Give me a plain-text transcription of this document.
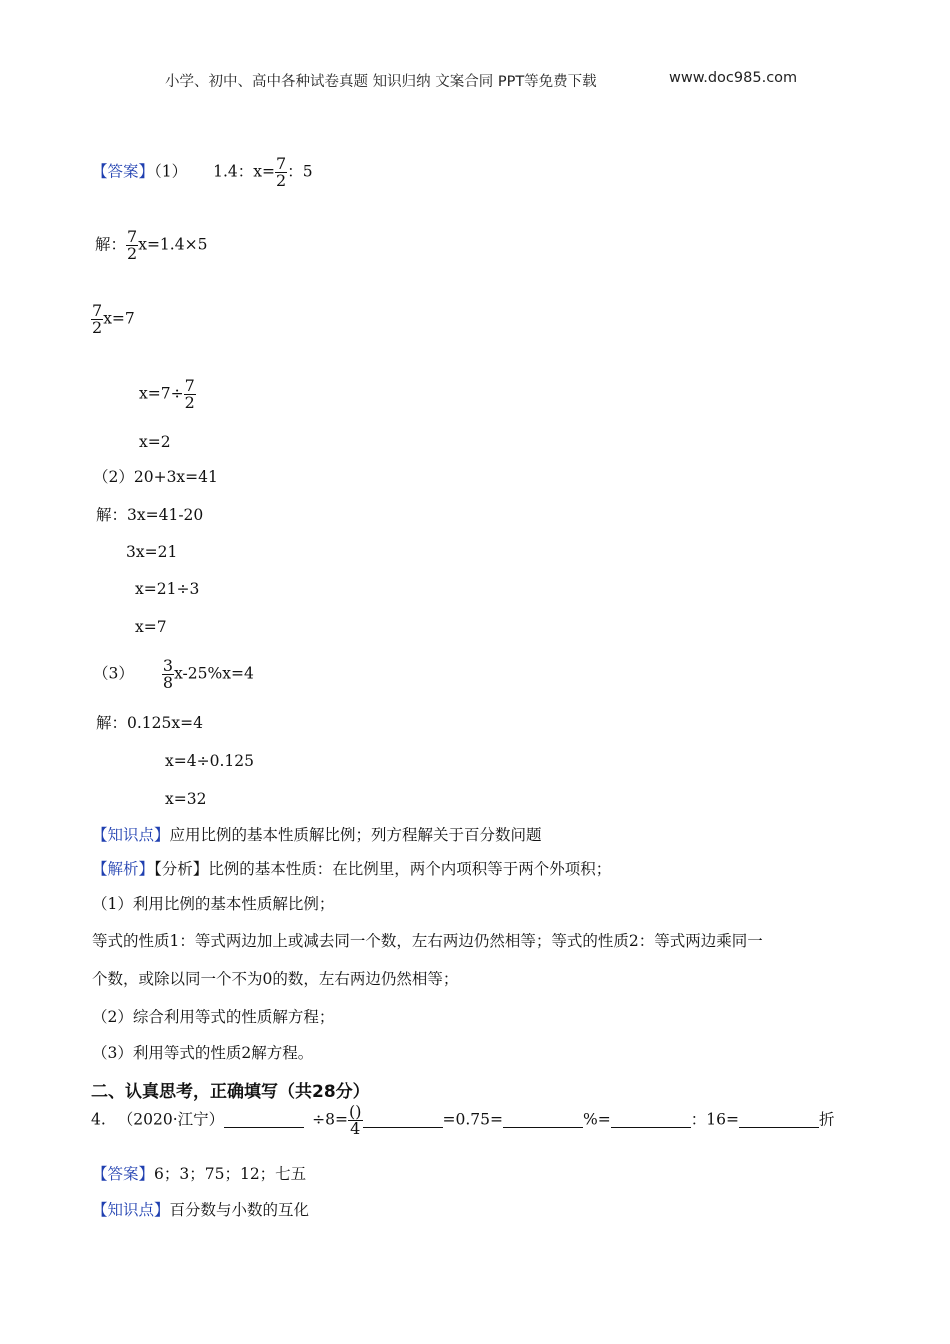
小学、初中、高中各种试卷真题 知识归纳 文案合同 PPT等免费下载	www.doc985.com
【答案】（1） 1.4：$x= \frac{7}{2}$ ：5
解： $\frac{7}{2} x=1.4\times 5$
$\frac{7}{2} x=7$
$x=7\div \frac{7}{2}$
x=2
（2）20+3x=41
解：3x=41-20
3x=21
x=21÷3
x=7
$(3) \frac{3}{8} x-25\%x=4$
解：0.125x=4
x=4÷0.125
x=32
【知识点】应用比例的基本性质解比例；列方程解关于百分数问题
【解析】【分析】比例的基本性质：在比例里，两个内项积等于两个外项积；
（1）利用比例的基本性质解比例；
等式的性质1：等式两边加上或减去同一个数，左右两边仍然相等；等式的性质2：等式两边乘同一
个数，或除以同一个不为0的数，左右两边仍然相等；
（2）综合利用等式的性质解方程；
（3）利用等式的性质2解方程。
二、认真思考，正确填写（共28分）
4. （2020·江宁）	$\div 8= \frac{()}{4}$	=0.75=	%=	：16=	折
【答案】6；3；75；12；七五
【知识点】百分数与小数的互化
